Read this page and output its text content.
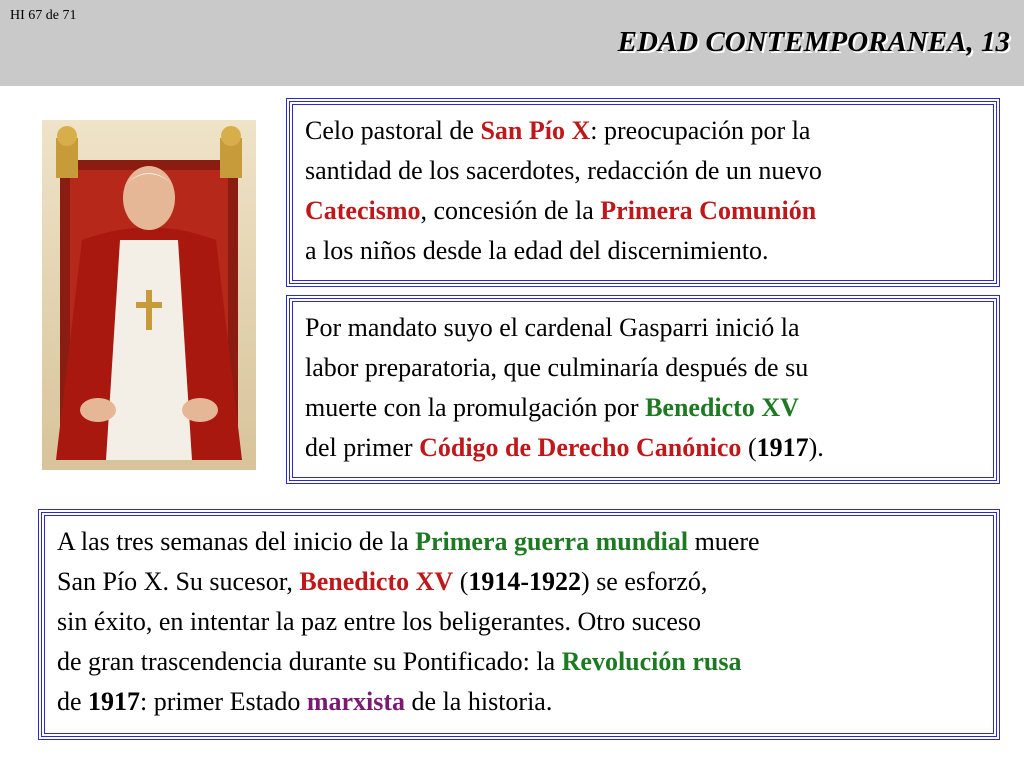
HI 67 de 71
EDAD CONTEMPORANEA, 13
Celo pastoral de San Pío X: preocupación por la
santidad de los sacerdotes, redacción de un nuevo
Catecismo, concesión de la Primera Comunión
a los niños desde la edad del discernimiento.
Por mandato suyo el cardenal Gasparri inició la
labor preparatoria, que culminaría después de su
muerte con la promulgación por Benedicto XV
del primer Código de Derecho Canónico (1917).
A las tres semanas del inicio de la Primera guerra mundial muere
San Pío X. Su sucesor, Benedicto XV (1914-1922) se esforzó,
sin éxito, en intentar la paz entre los beligerantes. Otro suceso
de gran trascendencia durante su Pontificado: la Revolución rusa
de 1917: primer Estado marxista de la historia.
